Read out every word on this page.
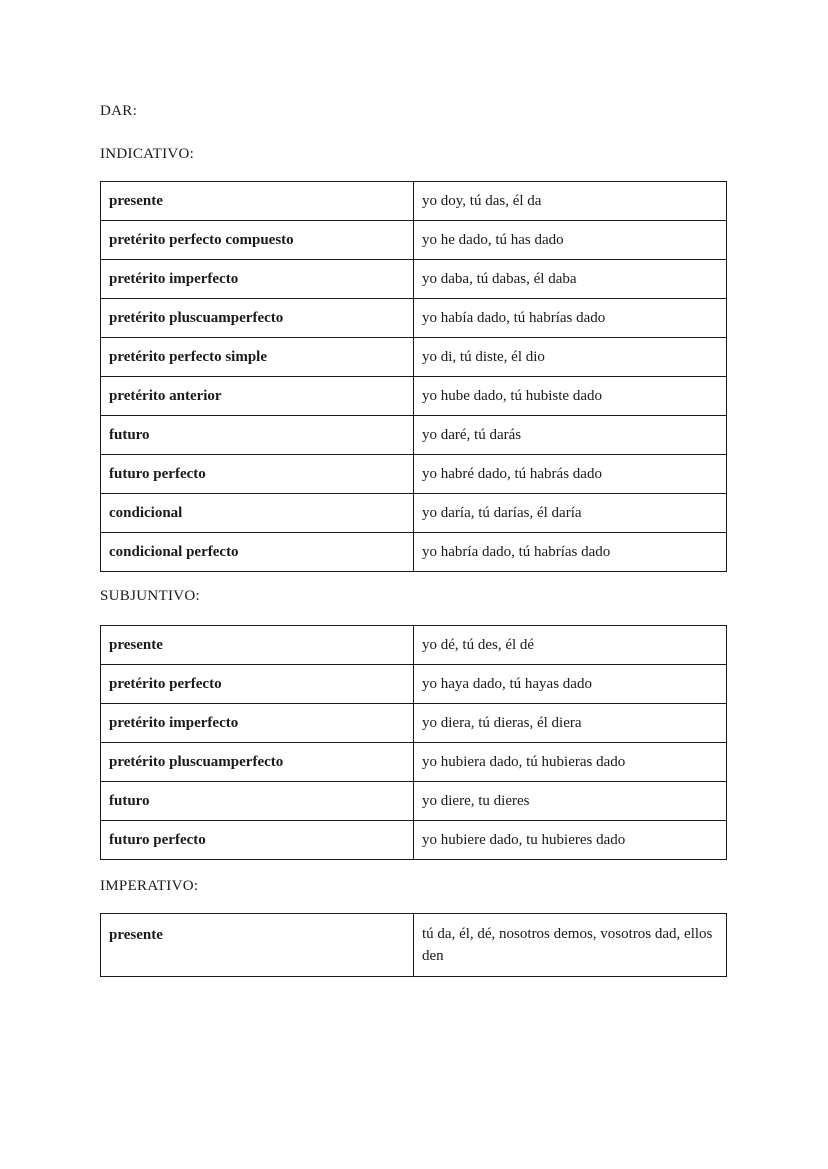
DAR:
INDICATIVO:
presente	yo doy, tú das, él da
pretérito perfecto compuesto	yo he dado, tú has dado
pretérito imperfecto	yo daba, tú dabas, él daba
pretérito pluscuamperfecto	yo había dado, tú habrías dado
pretérito perfecto simple	yo di, tú diste, él dio
pretérito anterior	yo hube dado, tú hubiste dado
futuro	yo daré, tú darás
futuro perfecto	yo habré dado, tú habrás dado
condicional	yo daría, tú darías, él daría
condicional perfecto	yo habría dado, tú habrías dado
SUBJUNTIVO:
presente	yo dé, tú des, él dé
pretérito perfecto	yo haya dado, tú hayas dado
pretérito imperfecto	yo diera, tú dieras, él diera
pretérito pluscuamperfecto	yo hubiera dado, tú hubieras dado
futuro	yo diere, tu dieres
futuro perfecto	yo hubiere dado, tu hubieres dado
IMPERATIVO:
presente	tú da, él, dé, nosotros demos, vosotros dad, ellos den
